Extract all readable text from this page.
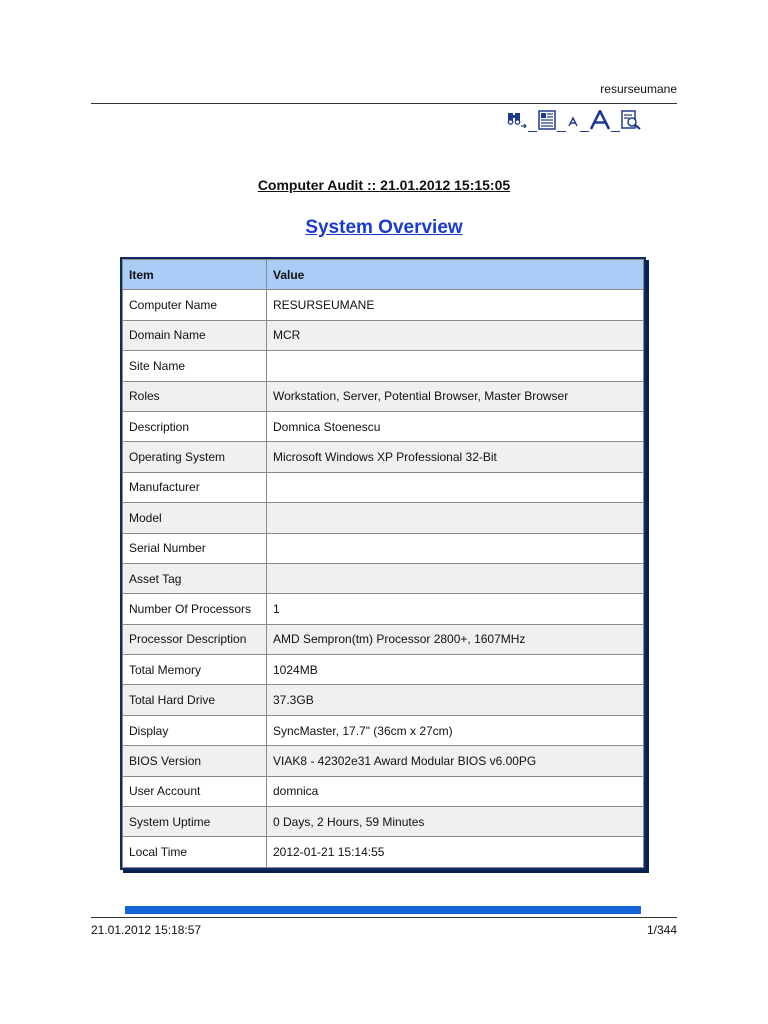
resurseumane
Computer Audit :: 21.01.2012 15:15:05
System Overview
Item	Value
Computer Name	RESURSEUMANE
Domain Name	MCR
Site Name	
Roles	Workstation, Server, Potential Browser, Master Browser
Description	Domnica Stoenescu
Operating System	Microsoft Windows XP Professional 32-Bit
Manufacturer	
Model	
Serial Number	
Asset Tag	
Number Of Processors	1
Processor Description	AMD Sempron(tm) Processor 2800+, 1607MHz
Total Memory	1024MB
Total Hard Drive	37.3GB
Display	SyncMaster, 17.7" (36cm x 27cm)
BIOS Version	VIAK8 - 42302e31 Award Modular BIOS v6.00PG
User Account	domnica
System Uptime	0 Days, 2 Hours, 59 Minutes
Local Time	2012-01-21 15:14:55
21.01.2012 15:18:57	1/344
